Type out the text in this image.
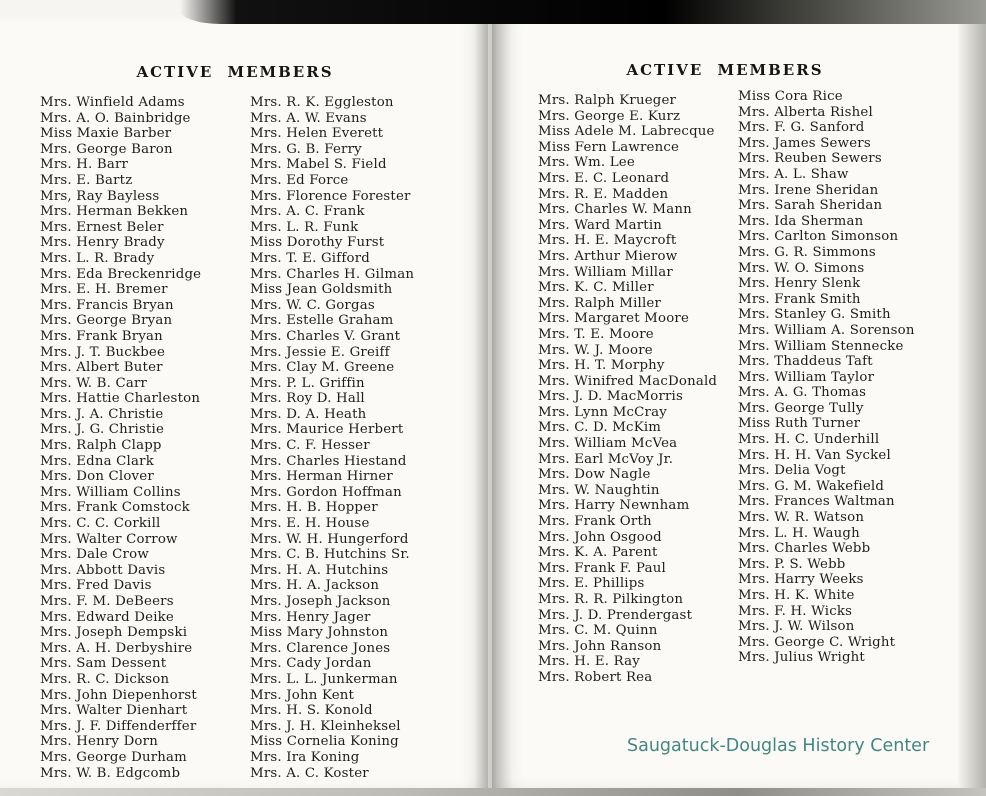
ACTIVE MEMBERS	ACTIVE MEMBERS
Mrs. Winfield Adams
Mrs. A. O. Bainbridge
Miss Maxie Barber
Mrs. George Baron
Mrs. H. Barr
Mrs. E. Bartz
Mrs, Ray Bayless
Mrs. Herman Bekken
Mrs. Ernest Beler
Mrs. Henry Brady
Mrs. L. R. Brady
Mrs. Eda Breckenridge
Mrs. E. H. Bremer
Mrs. Francis Bryan
Mrs. George Bryan
Mrs. Frank Bryan
Mrs. J. T. Buckbee
Mrs. Albert Buter
Mrs. W. B. Carr
Mrs. Hattie Charleston
Mrs. J. A. Christie
Mrs. J. G. Christie
Mrs. Ralph Clapp
Mrs. Edna Clark
Mrs. Don Clover
Mrs. William Collins
Mrs. Frank Comstock
Mrs. C. C. Corkill
Mrs. Walter Corrow
Mrs. Dale Crow
Mrs. Abbott Davis
Mrs. Fred Davis
Mrs. F. M. DeBeers
Mrs. Edward Deike
Mrs. Joseph Dempski
Mrs. A. H. Derbyshire
Mrs. Sam Dessent
Mrs. R. C. Dickson
Mrs. John Diepenhorst
Mrs. Walter Dienhart
Mrs. J. F. Diffenderffer
Mrs. Henry Dorn
Mrs. George Durham
Mrs. W. B. Edgcomb
Mrs. R. K. Eggleston
Mrs. A. W. Evans
Mrs. Helen Everett
Mrs. G. B. Ferry
Mrs. Mabel S. Field
Mrs. Ed Force
Mrs. Florence Forester
Mrs. A. C. Frank
Mrs. L. R. Funk
Miss Dorothy Furst
Mrs. T. E. Gifford
Mrs. Charles H. Gilman
Miss Jean Goldsmith
Mrs. W. C. Gorgas
Mrs. Estelle Graham
Mrs. Charles V. Grant
Mrs. Jessie E. Greiff
Mrs. Clay M. Greene
Mrs. P. L. Griffin
Mrs. Roy D. Hall
Mrs. D. A. Heath
Mrs. Maurice Herbert
Mrs. C. F. Hesser
Mrs. Charles Hiestand
Mrs. Herman Hirner
Mrs. Gordon Hoffman
Mrs. H. B. Hopper
Mrs. E. H. House
Mrs. W. H. Hungerford
Mrs. C. B. Hutchins Sr.
Mrs. H. A. Hutchins
Mrs. H. A. Jackson
Mrs. Joseph Jackson
Mrs. Henry Jager
Miss Mary Johnston
Mrs. Clarence Jones
Mrs. Cady Jordan
Mrs. L. L. Junkerman
Mrs. John Kent
Mrs. H. S. Konold
Mrs. J. H. Kleinheksel
Miss Cornelia Koning
Mrs. Ira Koning
Mrs. A. C. Koster
Mrs. Ralph Krueger
Mrs. George E. Kurz
Miss Adele M. Labrecque
Miss Fern Lawrence
Mrs. Wm. Lee
Mrs. E. C. Leonard
Mrs. R. E. Madden
Mrs. Charles W. Mann
Mrs. Ward Martin
Mrs. H. E. Maycroft
Mrs. Arthur Mierow
Mrs. William Millar
Mrs. K. C. Miller
Mrs. Ralph Miller
Mrs. Margaret Moore
Mrs. T. E. Moore
Mrs. W. J. Moore
Mrs. H. T. Morphy
Mrs. Winifred MacDonald
Mrs. J. D. MacMorris
Mrs. Lynn McCray
Mrs. C. D. McKim
Mrs. William McVea
Mrs. Earl McVoy Jr.
Mrs. Dow Nagle
Mrs. W. Naughtin
Mrs. Harry Newnham
Mrs. Frank Orth
Mrs. John Osgood
Mrs. K. A. Parent
Mrs. Frank F. Paul
Mrs. E. Phillips
Mrs. R. R. Pilkington
Mrs. J. D. Prendergast
Mrs. C. M. Quinn
Mrs. John Ranson
Mrs. H. E. Ray
Mrs. Robert Rea
Miss Cora Rice
Mrs. Alberta Rishel
Mrs. F. G. Sanford
Mrs. James Sewers
Mrs. Reuben Sewers
Mrs. A. L. Shaw
Mrs. Irene Sheridan
Mrs. Sarah Sheridan
Mrs. Ida Sherman
Mrs. Carlton Simonson
Mrs. G. R. Simmons
Mrs. W. O. Simons
Mrs. Henry Slenk
Mrs. Frank Smith
Mrs. Stanley G. Smith
Mrs. William A. Sorenson
Mrs. William Stennecke
Mrs. Thaddeus Taft
Mrs. William Taylor
Mrs. A. G. Thomas
Mrs. George Tully
Miss Ruth Turner
Mrs. H. C. Underhill
Mrs. H. H. Van Syckel
Mrs. Delia Vogt
Mrs. G. M. Wakefield
Mrs. Frances Waltman
Mrs. W. R. Watson
Mrs. L. H. Waugh
Mrs. Charles Webb
Mrs. P. S. Webb
Mrs. Harry Weeks
Mrs. H. K. White
Mrs. F. H. Wicks
Mrs. J. W. Wilson
Mrs. George C. Wright
Mrs. Julius Wright
Saugatuck-Douglas History Center
